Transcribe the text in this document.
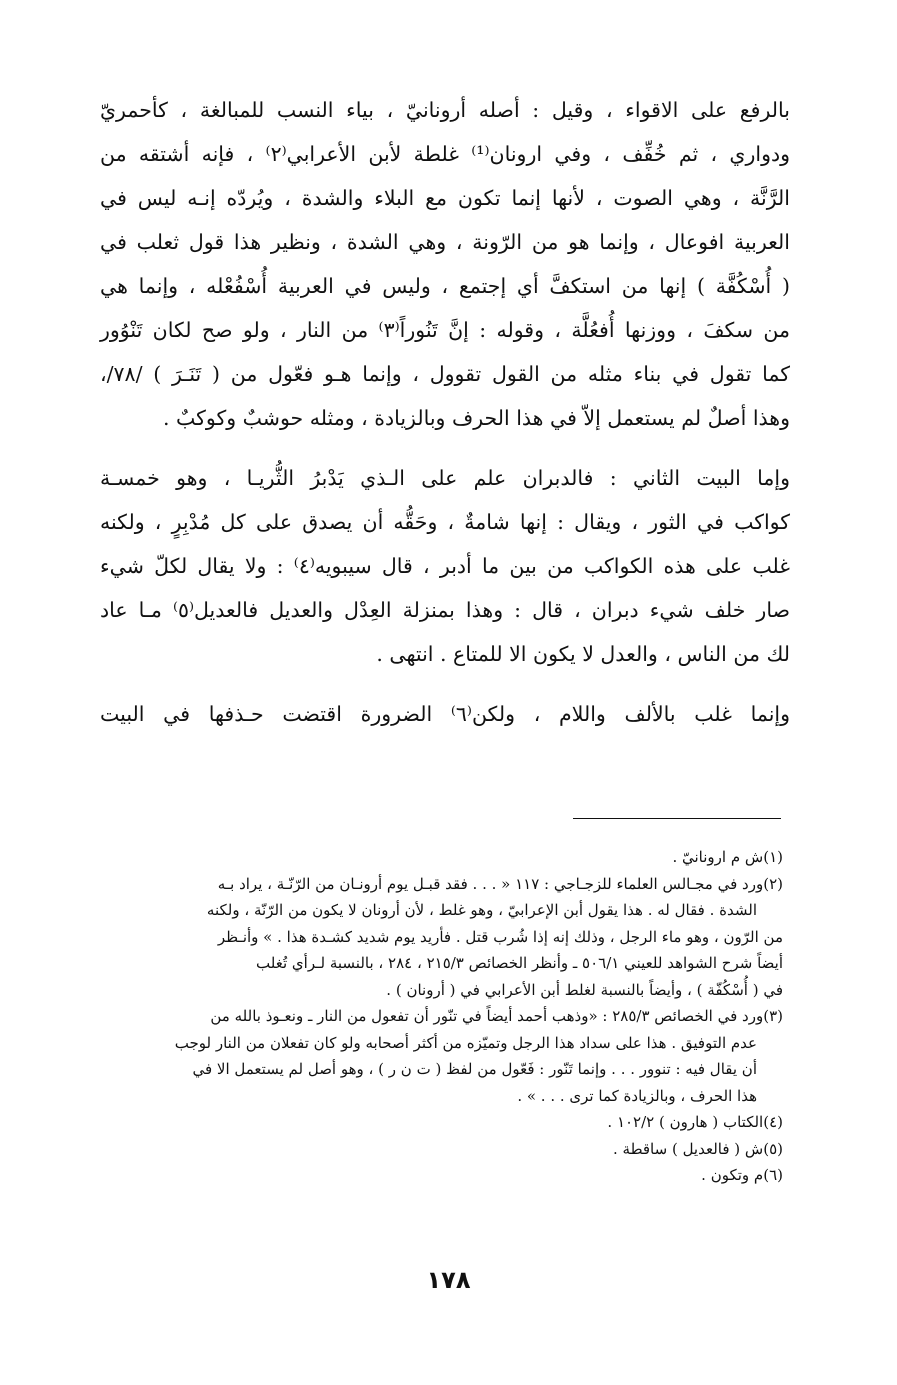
بالرفع على الاقواء ، وقيل : أصله أرونانيّ ، بياء النسب للمبالغة ، كأحمريّ
ودواري ، ثم خُفِّف ، وفي ارونان⁽¹⁾ غلطة لأبن الأعرابي⁽٢⁾ ، فإنه أشتقه من
الرَّنَّة ، وهي الصوت ، لأنها إنما تكون مع البلاء والشدة ، ويُردّه إنـه ليس في
العربية افوعال ، وإنما هو من الرّونة ، وهي الشدة ، ونظير هذا قول ثعلب في
( أُسْكُفَّة ) إنها من استكفَّ أي إجتمع ، وليس في العربية أُسْفُعْله ، وإنما هي
من سكفَ ، ووزنها أُفعُلَّة ، وقوله : إنَّ تَنُوراً⁽٣⁾ من النار ، ولو صح لكان تَنْوُور
كما تقول في بناء مثله من القول تقوول ، وإنما هـو فعّول من ( تَنَـرَ ) /٧٨/،
وهذا أصلٌ لم يستعمل إلاّ في هذا الحرف وبالزيادة ، ومثله حوشبٌ وكوكبٌ .
وإما البيت الثاني : فالدبران علم على الـذي يَدْبرُ الثُّريـا ، وهو خمسـة
كواكب في الثور ، ويقال : إنها شامةٌ ، وحَقُّه أن يصدق على كل مُدْبِرٍ ، ولكنه
غلب على هذه الكواكب من بين ما أدبر ، قال سيبويه⁽٤⁾ : ولا يقال لكلّ شيء
صار خلف شيء دبران ، قال : وهذا بمنزلة العِدْل والعديل فالعديل⁽٥⁾ مـا عاد
لك من الناس ، والعدل لا يكون الا للمتاع . انتهى .
وإنما غلب بالألف واللام ، ولكن⁽٦⁾ الضرورة اقتضت حـذفها في البيت
(١)ش م ارونانيّ .
(٢)ورد في مجـالس العلماء للزجـاجي : ١١٧ « . . . فقد قبـل يوم أرونـان من الرّنّـة ، يراد بـه
الشدة . فقال له . هذا يقول أبن الإعرابيّ ، وهو غلط ، لأن أرونان لا يكون من الرّنّة ، ولكنه
من الرّون ، وهو ماء الرجل ، وذلك إنه إذا شُرب قتل . فأريد يوم شديد كشـدة هذا . » وأنـظر
أيضاً شرح الشواهد للعيني ٥٠٦/١ ـ وأنظر الخصائص ٢١٥/٣ ، ٢٨٤ ، بالنسبة لـرأي تُغلب
في ( أُسْكُفّة ) ، وأيضاً بالنسبة لغلط أبن الأعرابي في ( أرونان ) .
(٣)ورد في الخصائص ٢٨٥/٣ : «وذهب أحمد أيضاً في تنّور أن تفعول من النار ـ ونعـوذ بالله من
عدم التوفيق . هذا على سداد هذا الرجل وتميّزه من أكثر أصحابه ولو كان تفعلان من النار لوجب
أن يقال فيه : تنوور . . . وإنما تَنّور : فَعّول من لفظ ( ت ن ر ) ، وهو أصل لم يستعمل الا في
هذا الحرف ، وبالزيادة كما ترى . . . » .
(٤)الكتاب ( هارون ) ١٠٢/٢ .
(٥)ش ( فالعديل ) ساقطة .
(٦)م وتكون .
١٧٨
